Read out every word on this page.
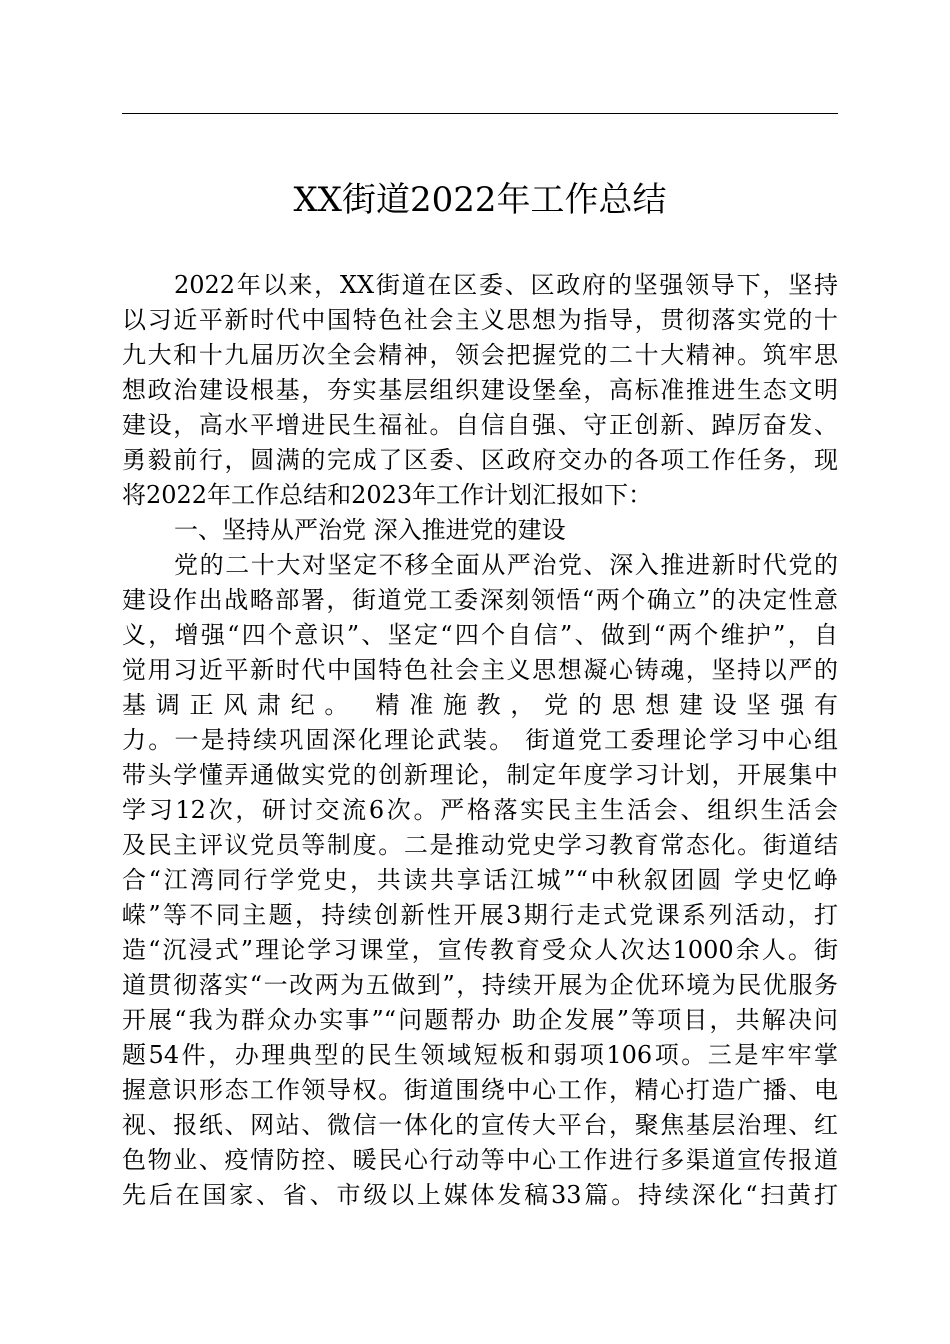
XX街道2022年工作总结
2022年以来，XX街道在区委、区政府的坚强领导下，坚持
以习近平新时代中国特色社会主义思想为指导，贯彻落实党的十
九大和十九届历次全会精神，领会把握党的二十大精神。筑牢思
想政治建设根基，夯实基层组织建设堡垒，高标准推进生态文明
建设，高水平增进民生福祉。自信自强、守正创新、踔厉奋发、
勇毅前行，圆满的完成了区委、区政府交办的各项工作任务，现
将2022年工作总结和2023年工作计划汇报如下：
一、坚持从严治党 深入推进党的建设
党的二十大对坚定不移全面从严治党、深入推进新时代党的
建设作出战略部署，街道党工委深刻领悟“两个确立”的决定性意
义，增强“四个意识”、坚定“四个自信”、做到“两个维护”，自
觉用习近平新时代中国特色社会主义思想凝心铸魂，坚持以严的
基调正风肃纪。 精准施教，党的思想建设坚强有
力。一是持续巩固深化理论武装。 街道党工委理论学习中心组
带头学懂弄通做实党的创新理论，制定年度学习计划，开展集中
学习12次，研讨交流6次。严格落实民主生活会、组织生活会
及民主评议党员等制度。二是推动党史学习教育常态化。街道结
合“江湾同行学党史，共读共享话江城”“中秋叙团圆 学史忆峥
嵘”等不同主题，持续创新性开展3期行走式党课系列活动，打
造“沉浸式”理论学习课堂，宣传教育受众人次达1000余人。街
道贯彻落实“一改两为五做到”，持续开展为企优环境为民优服务
开展“我为群众办实事”“问题帮办 助企发展”等项目，共解决问
题54件，办理典型的民生领域短板和弱项106项。三是牢牢掌
握意识形态工作领导权。街道围绕中心工作，精心打造广播、电
视、报纸、网站、微信一体化的宣传大平台，聚焦基层治理、红
色物业、疫情防控、暖民心行动等中心工作进行多渠道宣传报道
先后在国家、省、市级以上媒体发稿33篇。持续深化“扫黄打
